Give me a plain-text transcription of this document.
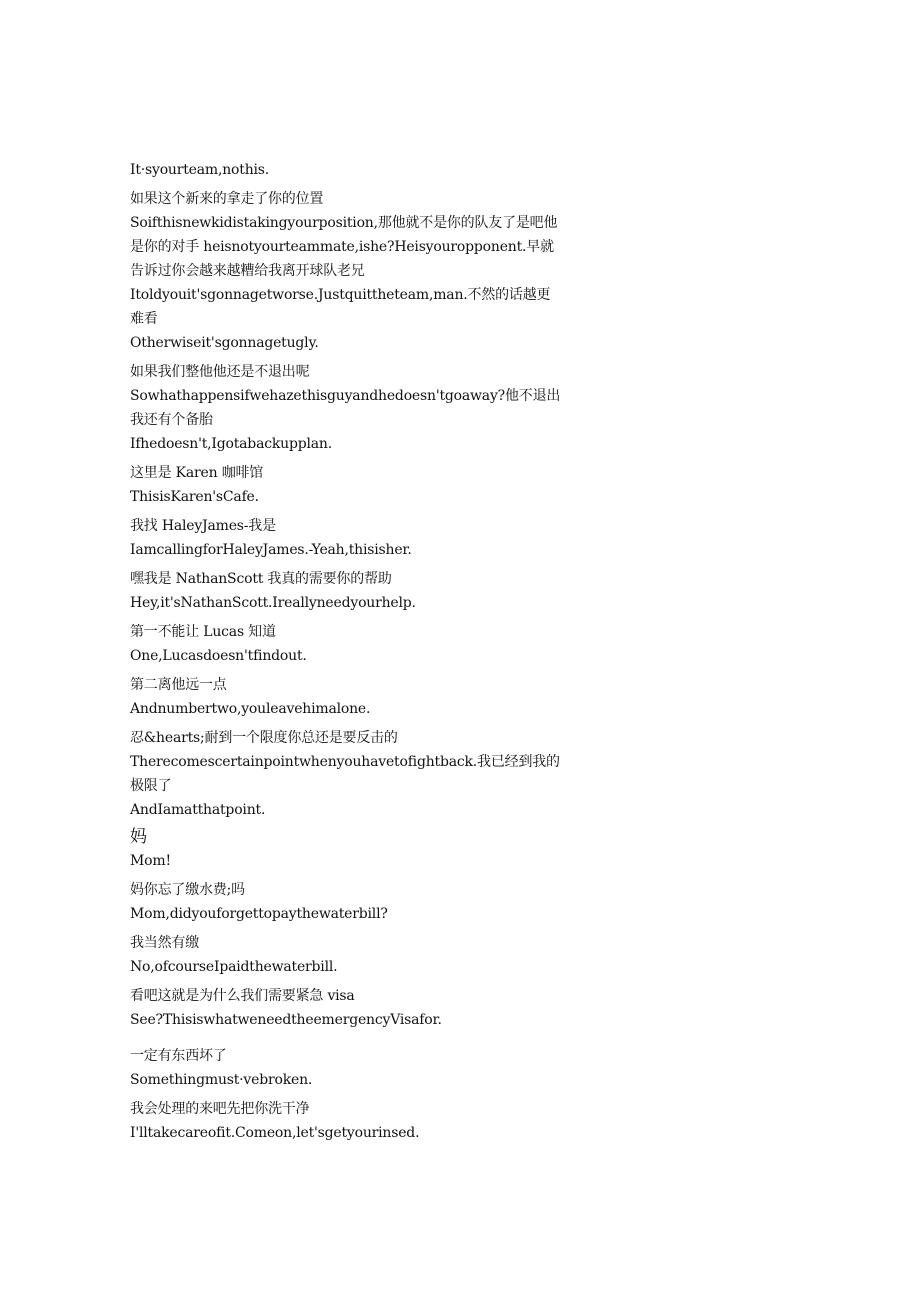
It·syourteam,nothis.
如果这个新来的拿走了你的位置
Soifthisnewkidistakingyourposition,那他就不是你的队友了是吧他是你的对手 heisnotyourteammate,ishe?Heisyouropponent.早就告诉过你会越来越糟给我离开球队老兄
Itoldyouit'sgonnagetworse.Justquittheteam,man.不然的话越更难看
Otherwiseit'sgonnagetugly.
如果我们整他他还是不退出呢
Sowhathappensifwehazethisguyandhedoesn'tgoaway?他不退出我还有个备胎
Ifhedoesn't,Igotabackupplan.
这里是 Karen 咖啡馆
ThisisKaren'sCafe.
我找 HaleyJames-我是
IamcallingforHaleyJames.-Yeah,thisisher.
嘿我是 NathanScott 我真的需要你的帮助
Hey,it'sNathanScott.Ireallyneedyourhelp.
第一不能让 Lucas 知道
One,Lucasdoesn'tfindout.
第二离他远一点
Andnumbertwo,youleavehimalone.
忍&hearts;耐到一个限度你总还是要反击的
Therecomescertainpointwhenyouhavetofightback.我已经到我的极限了
AndIamatthatpoint.
妈
Mom!
妈你忘了缴水费;吗
Mom,didyouforgettopaythewaterbill?
我当然有缴
No,ofcourseIpaidthewaterbill.
看吧这就是为什么我们需要紧急 visa
See?ThisiswhatweneedtheemergencyVisafor.
一定有东西坏了
Somethingmust·vebroken.
我会处理的来吧先把你洗干净
I'lltakecareofit.Comeon,let'sgetyourinsed.
